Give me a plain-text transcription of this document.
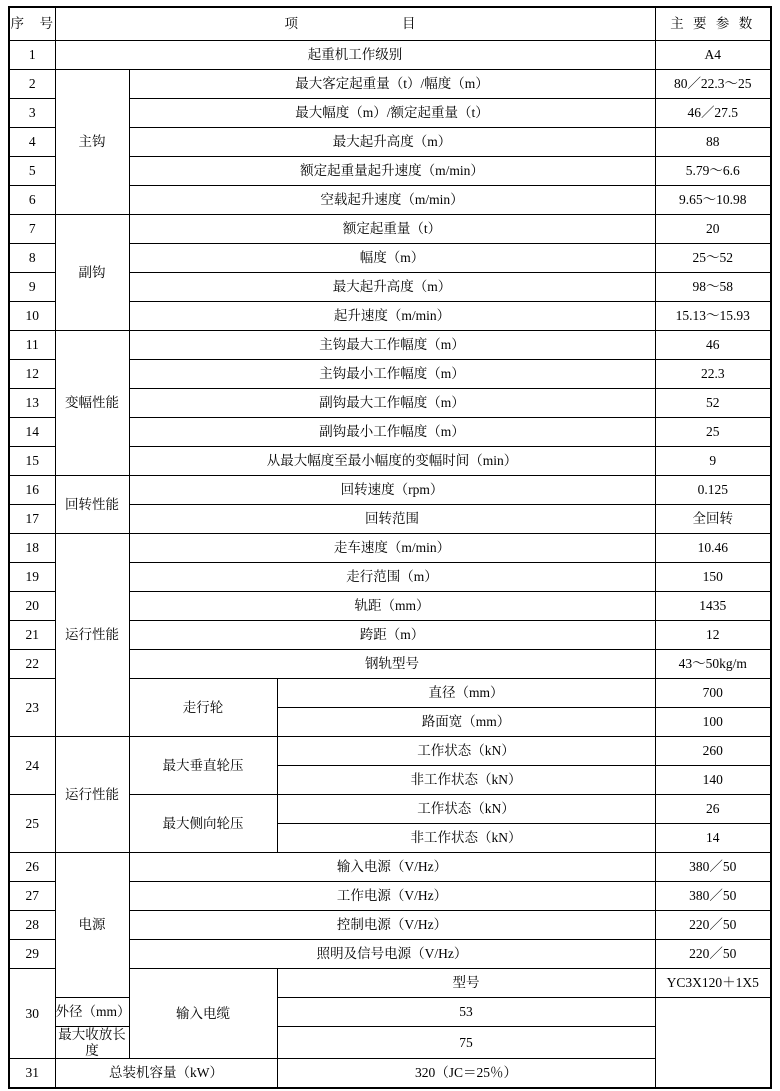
序　号	项　　　　目			主 要 参 数
1	起重机工作级别			A4
2	主钩	最大客定起重量（t）/幅度（m）		80／22.3～25
3		最大幅度（m）/额定起重量（t）		46／27.5
4		最大起升高度（m）		88
5		额定起重量起升速度（m/min）		5.79～6.6
6		空载起升速度（m/min）		9.65～10.98
7	副钩	额定起重量（t）		20
8		幅度（m）		25～52
9		最大起升高度（m）		98～58
10		起升速度（m/min）		15.13～15.93
11	变幅性能	主钩最大工作幅度（m）		46
12		主钩最小工作幅度（m）		22.3
13		副钩最大工作幅度（m）		52
14		副钩最小工作幅度（m）		25
15		从最大幅度至最小幅度的变幅时间（min）		9
16	回转性能	回转速度（rpm）		0.125
17		回转范围		全回转
18	运行性能	走车速度（m/min）		10.46
19		走行范围（m）		150
20		轨距（mm）		1435
21		跨距（m）		12
22		钢轨型号		43～50kg/m
23		走行轮	直径（mm）	700
			路面宽（mm）	100
24	运行性能	最大垂直轮压	工作状态（kN）	260
			非工作状态（kN）	140
25		最大侧向轮压	工作状态（kN）	26
			非工作状态（kN）	14
26	电源	输入电源（V/Hz）		380／50
27		工作电源（V/Hz）		380／50
28		控制电源（V/Hz）		220／50
29		照明及信号电源（V/Hz）		220／50
30		输入电缆	型号	YC3X120＋1X5
	外径（mm）		53	
	最大收放长度		75	
31	总装机容量（kW）		320（JC＝25％）	
